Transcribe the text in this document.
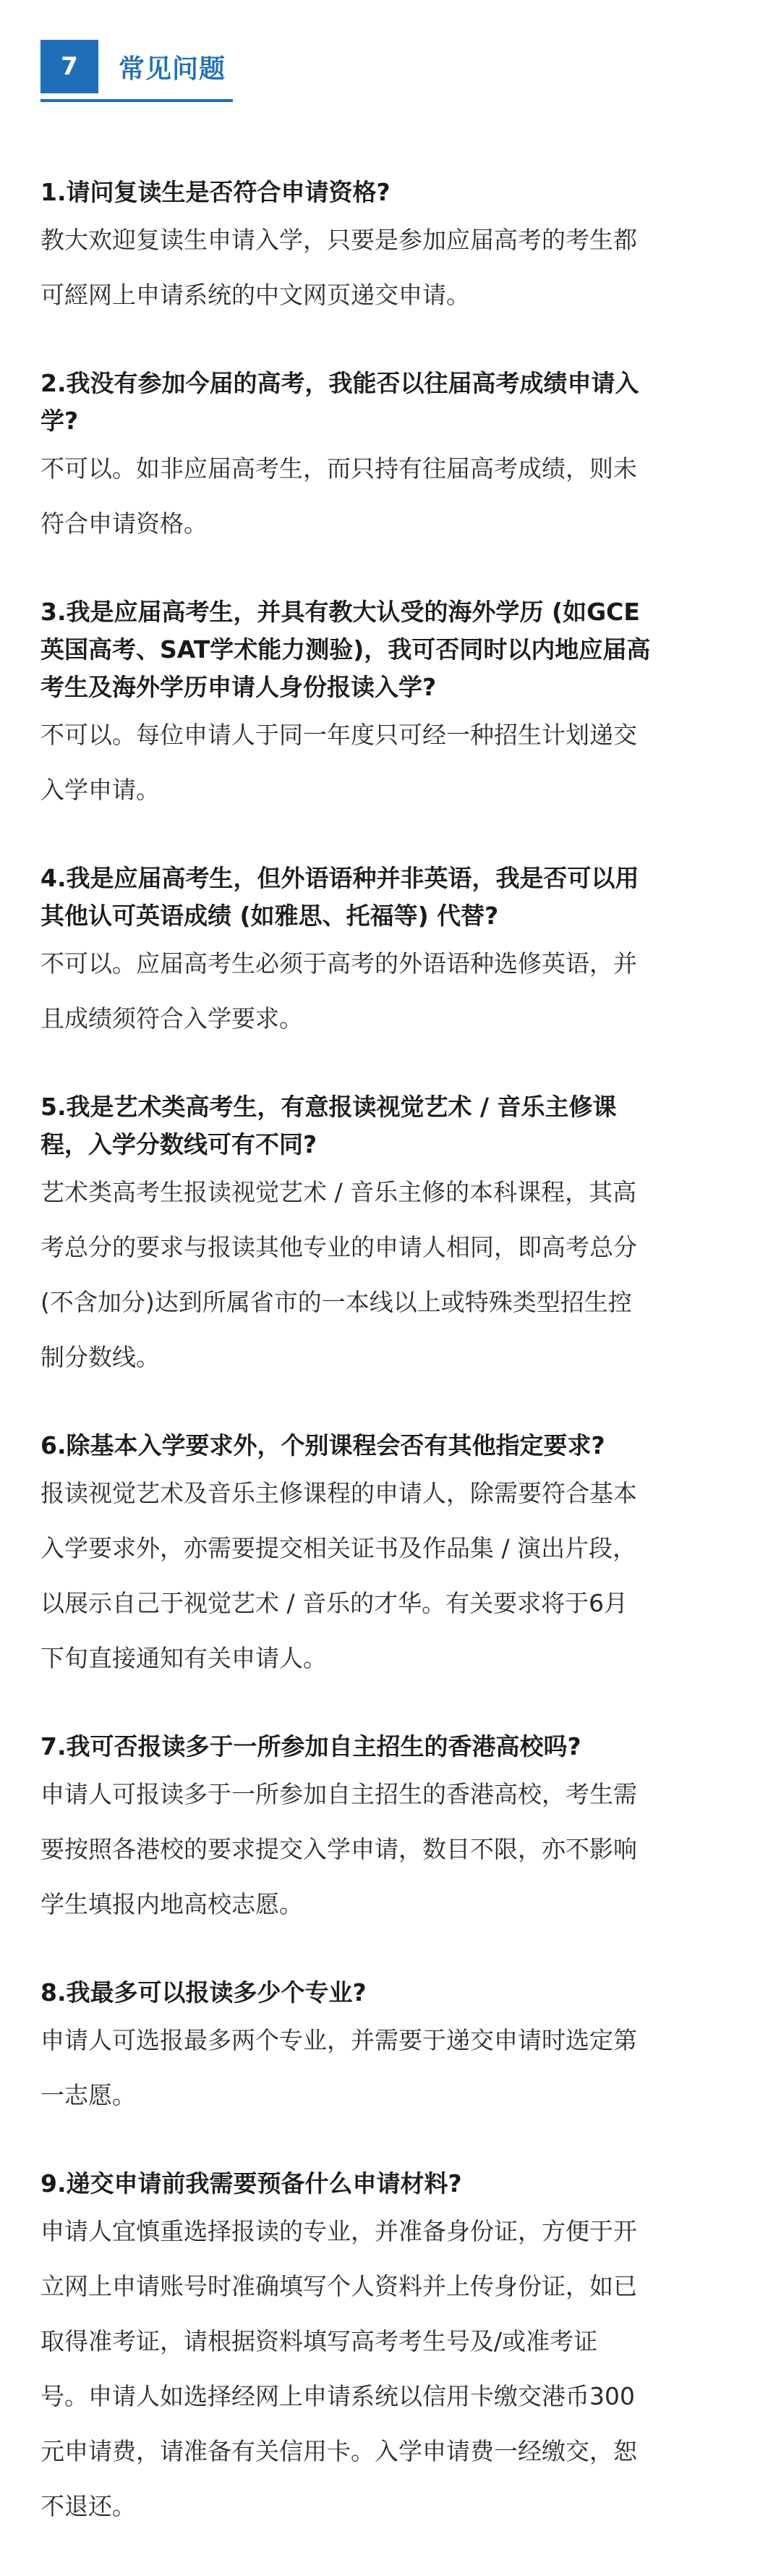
7	常见问题
1.请问复读生是否符合申请资格?
教大欢迎复读生申请入学，只要是参加应届高考的考生都
可經网上申请系统的中文网页递交申请。
2.我没有参加今届的高考，我能否以往届高考成绩申请入
学?
不可以。如非应届高考生，而只持有往届高考成绩，则未
符合申请资格。
3.我是应届高考生，并具有教大认受的海外学历 (如GCE
英国高考、SAT学术能力测验)，我可否同时以内地应届高
考生及海外学历申请人身份报读入学?
不可以。每位申请人于同一年度只可经一种招生计划递交
入学申请。
4.我是应届高考生，但外语语种并非英语，我是否可以用
其他认可英语成绩 (如雅思、托福等) 代替?
不可以。应届高考生必须于高考的外语语种选修英语，并
且成绩须符合入学要求。
5.我是艺术类高考生，有意报读视觉艺术 / 音乐主修课
程，入学分数线可有不同?
艺术类高考生报读视觉艺术 / 音乐主修的本科课程，其高
考总分的要求与报读其他专业的申请人相同，即高考总分
(不含加分)达到所属省市的一本线以上或特殊类型招生控
制分数线。
6.除基本入学要求外，个别课程会否有其他指定要求?
报读视觉艺术及音乐主修课程的申请人，除需要符合基本
入学要求外，亦需要提交相关证书及作品集 / 演出片段，
以展示自己于视觉艺术 / 音乐的才华。有关要求将于6月
下旬直接通知有关申请人。
7.我可否报读多于一所参加自主招生的香港高校吗?
申请人可报读多于一所参加自主招生的香港高校，考生需
要按照各港校的要求提交入学申请，数目不限，亦不影响
学生填报内地高校志愿。
8.我最多可以报读多少个专业?
申请人可选报最多两个专业，并需要于递交申请时选定第
一志愿。
9.递交申请前我需要预备什么申请材料?
申请人宜慎重选择报读的专业，并准备身份证，方便于开
立网上申请账号时准确填写个人资料并上传身份证，如已
取得准考证，请根据资料填写高考考生号及/或准考证
号。申请人如选择经网上申请系统以信用卡缴交港币300
元申请费，请准备有关信用卡。入学申请费一经缴交，恕
不退还。
